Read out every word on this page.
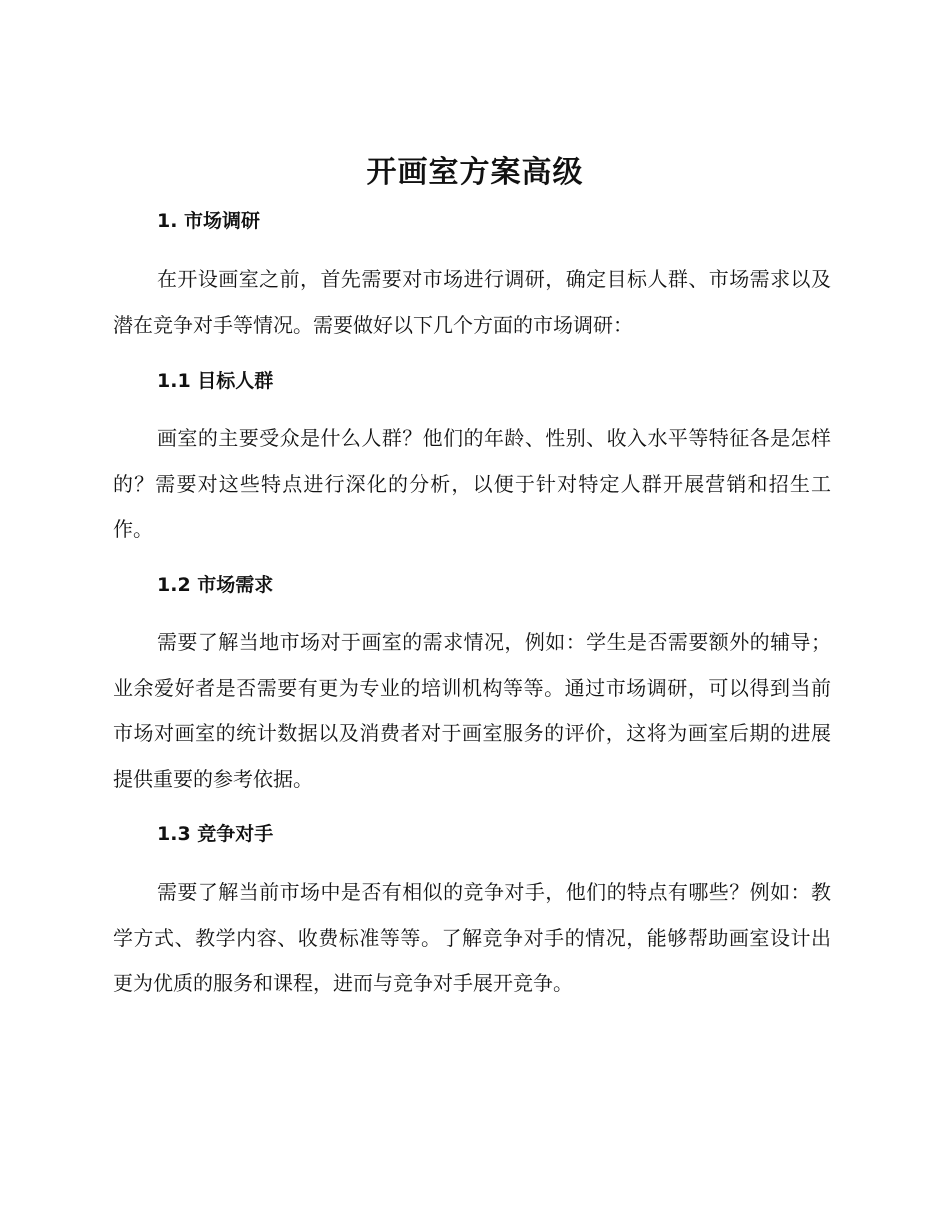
开画室方案高级
1. 市场调研

在开设画室之前，首先需要对市场进行调研，确定目标人群、市场需求以及潜在竞争对手等情况。需要做好以下几个方面的市场调研：

1.1 目标人群

画室的主要受众是什么人群？他们的年龄、性别、收入水平等特征各是怎样的？需要对这些特点进行深化的分析，以便于针对特定人群开展营销和招生工作。

1.2 市场需求

需要了解当地市场对于画室的需求情况，例如：学生是否需要额外的辅导；业余爱好者是否需要有更为专业的培训机构等等。通过市场调研，可以得到当前市场对画室的统计数据以及消费者对于画室服务的评价，这将为画室后期的进展提供重要的参考依据。

1.3 竞争对手

需要了解当前市场中是否有相似的竞争对手，他们的特点有哪些？例如：教学方式、教学内容、收费标准等等。了解竞争对手的情况，能够帮助画室设计出更为优质的服务和课程，进而与竞争对手展开竞争。
